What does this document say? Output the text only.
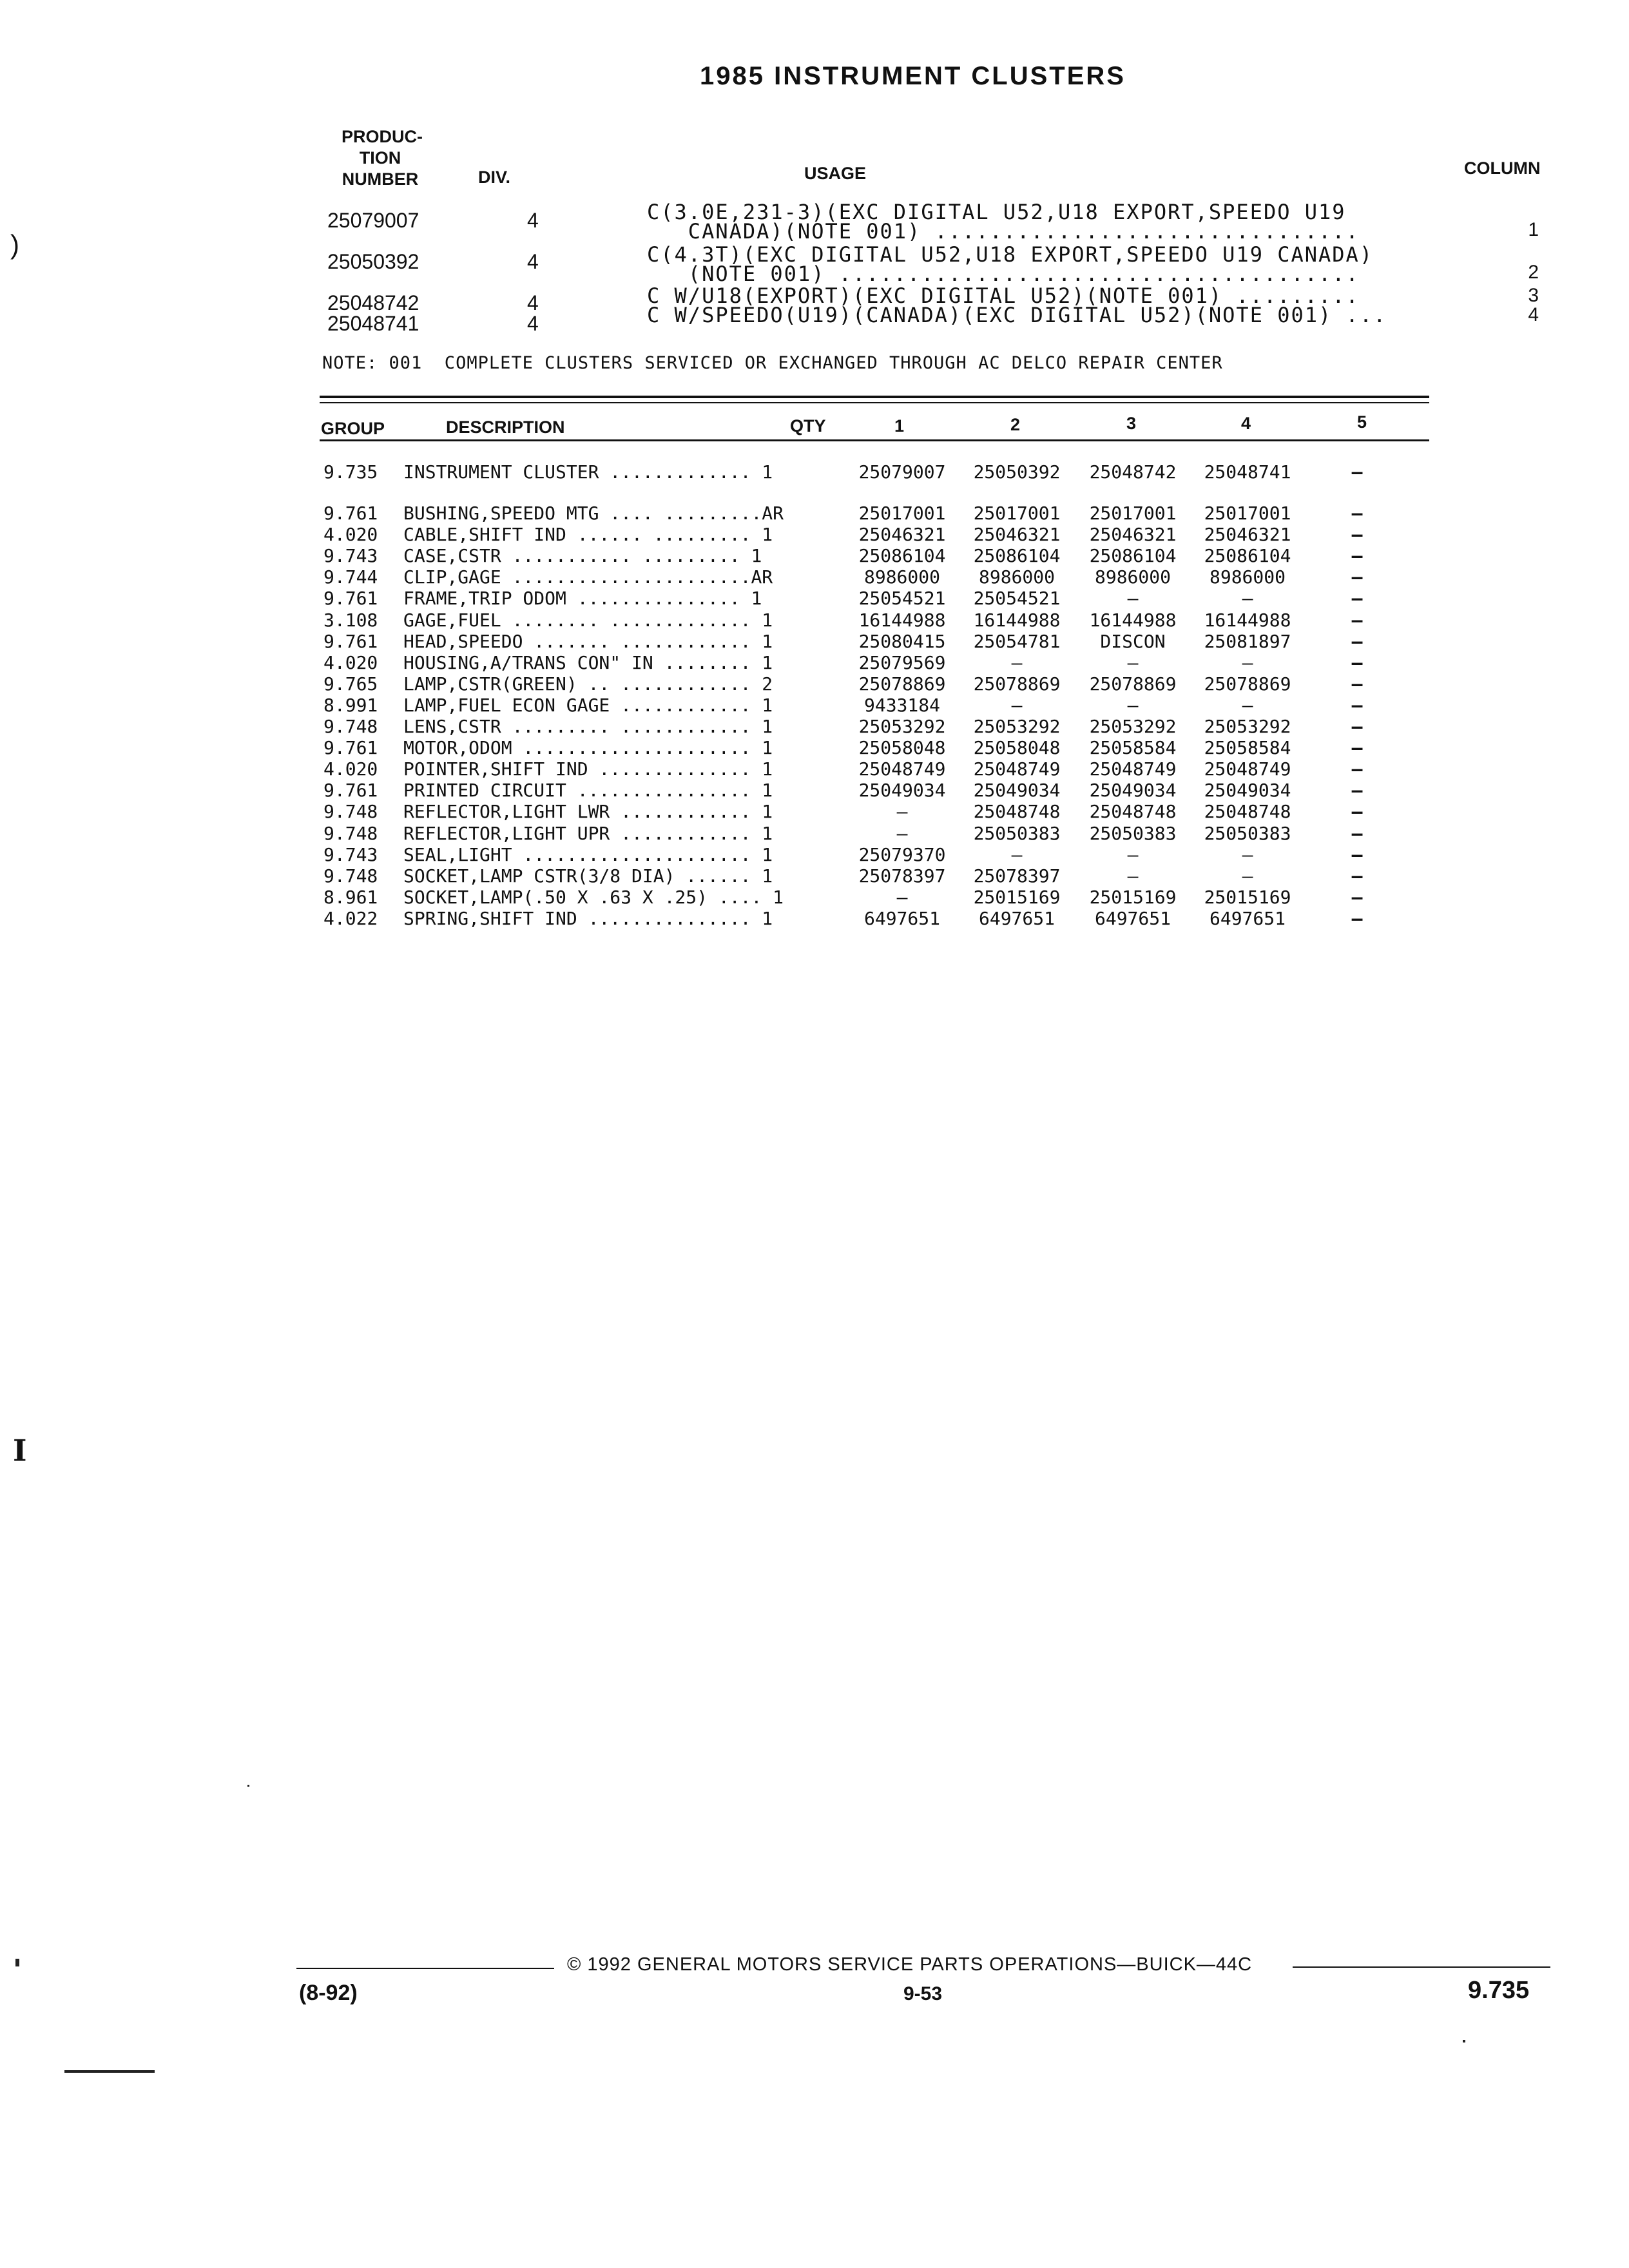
)
I
1985 INSTRUMENT CLUSTERS
PRODUC-
TION
NUMBER	DIV.	USAGE	COLUMN
25079007	4	C(3.0E,231-3)(EXC DIGITAL U52,U18 EXPORT,SPEEDO U19
CANADA)(NOTE 001) ...............................	1
25050392	4	C(4.3T)(EXC DIGITAL U52,U18 EXPORT,SPEEDO U19 CANADA)
(NOTE 001) ......................................	2
25048742	4	C W/U18(EXPORT)(EXC DIGITAL U52)(NOTE 001) .........	3
25048741	4	C W/SPEEDO(U19)(CANADA)(EXC DIGITAL U52)(NOTE 001) ...	4
NOTE: 001  COMPLETE CLUSTERS SERVICED OR EXCHANGED THROUGH AC DELCO REPAIR CENTER
GROUP	DESCRIPTION	QTY	1	2	3	4	5
9.735 INSTRUMENT CLUSTER ............. 1	25079007	25050392	25048742	25048741	—
9.761 BUSHING,SPEEDO MTG .... .........AR	25017001	25017001	25017001	25017001	—
4.020 CABLE,SHIFT IND ...... ......... 1	25046321	25046321	25046321	25046321	—
9.743 CASE,CSTR ........... ......... 1	25086104	25086104	25086104	25086104	—
9.744 CLIP,GAGE ......................AR	8986000	8986000	8986000	8986000	—
9.761 FRAME,TRIP ODOM ............... 1	25054521	25054521	—	—	—
3.108 GAGE,FUEL ........ ............. 1	16144988	16144988	16144988	16144988	—
9.761 HEAD,SPEEDO ....... ............ 1	25080415	25054781	DISCON	25081897	—
4.020 HOUSING,A/TRANS CON" IN ........ 1	25079569	—	—	—	—
9.765 LAMP,CSTR(GREEN) .. ............ 2	25078869	25078869	25078869	25078869	—
8.991 LAMP,FUEL ECON GAGE ............ 1	9433184	—	—	—	—
9.748 LENS,CSTR ......... ............ 1	25053292	25053292	25053292	25053292	—
9.761 MOTOR,ODOM ..................... 1	25058048	25058048	25058584	25058584	—
4.020 POINTER,SHIFT IND .............. 1	25048749	25048749	25048749	25048749	—
9.761 PRINTED CIRCUIT ................ 1	25049034	25049034	25049034	25049034	—
9.748 REFLECTOR,LIGHT LWR ............ 1	—	25048748	25048748	25048748	—
9.748 REFLECTOR,LIGHT UPR ............ 1	—	25050383	25050383	25050383	—
9.743 SEAL,LIGHT ..................... 1	25079370	—	—	—	—
9.748 SOCKET,LAMP CSTR(3/8 DIA) ...... 1	25078397	25078397	—	—	—
8.961 SOCKET,LAMP(.50 X .63 X .25) .... 1	—	25015169	25015169	25015169	—
4.022 SPRING,SHIFT IND ............... 1	6497651	6497651	6497651	6497651	—
© 1992 GENERAL MOTORS SERVICE PARTS OPERATIONS—BUICK—44C
(8-92)	9-53	9.735
